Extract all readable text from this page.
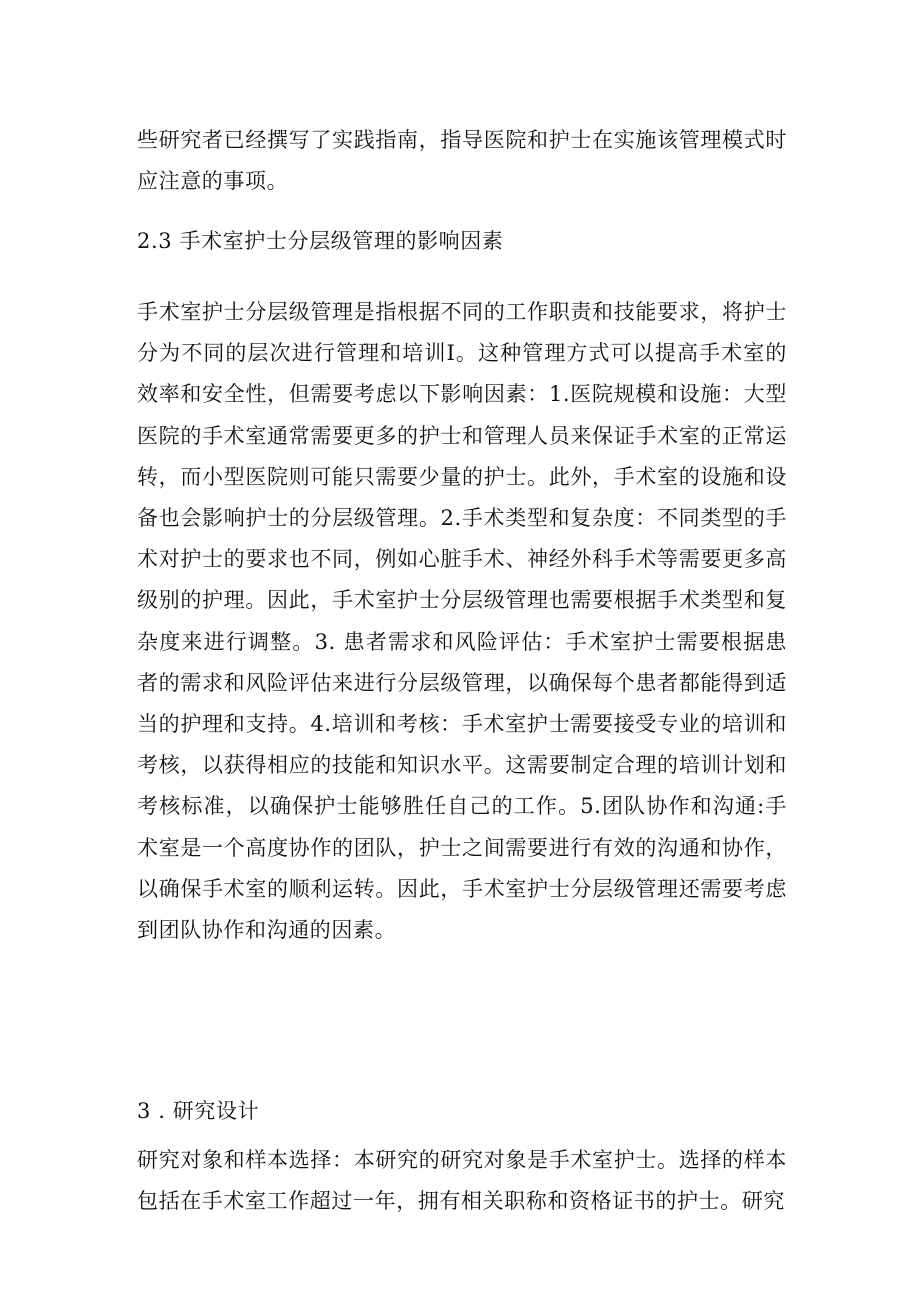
些研究者已经撰写了实践指南，指导医院和护士在实施该管理模式时应注意的事项。

2.3 手术室护士分层级管理的影响因素

手术室护士分层级管理是指根据不同的工作职责和技能要求，将护士分为不同的层次进行管理和培训I。这种管理方式可以提高手术室的效率和安全性，但需要考虑以下影响因素：1.医院规模和设施：大型医院的手术室通常需要更多的护士和管理人员来保证手术室的正常运转，而小型医院则可能只需要少量的护士。此外，手术室的设施和设备也会影响护士的分层级管理。2.手术类型和复杂度：不同类型的手术对护士的要求也不同，例如心脏手术、神经外科手术等需要更多高级别的护理。因此，手术室护士分层级管理也需要根据手术类型和复杂度来进行调整。3. 患者需求和风险评估：手术室护士需要根据患者的需求和风险评估来进行分层级管理，以确保每个患者都能得到适当的护理和支持。4.培训和考核：手术室护士需要接受专业的培训和考核，以获得相应的技能和知识水平。这需要制定合理的培训计划和考核标准，以确保护士能够胜任自己的工作。5.团队协作和沟通:手术室是一个高度协作的团队，护士之间需要进行有效的沟通和协作，以确保手术室的顺利运转。因此，手术室护士分层级管理还需要考虑到团队协作和沟通的因素。

3 . 研究设计

研究对象和样本选择：本研究的研究对象是手术室护士。选择的样本包括在手术室工作超过一年，拥有相关职称和资格证书的护士。研究
